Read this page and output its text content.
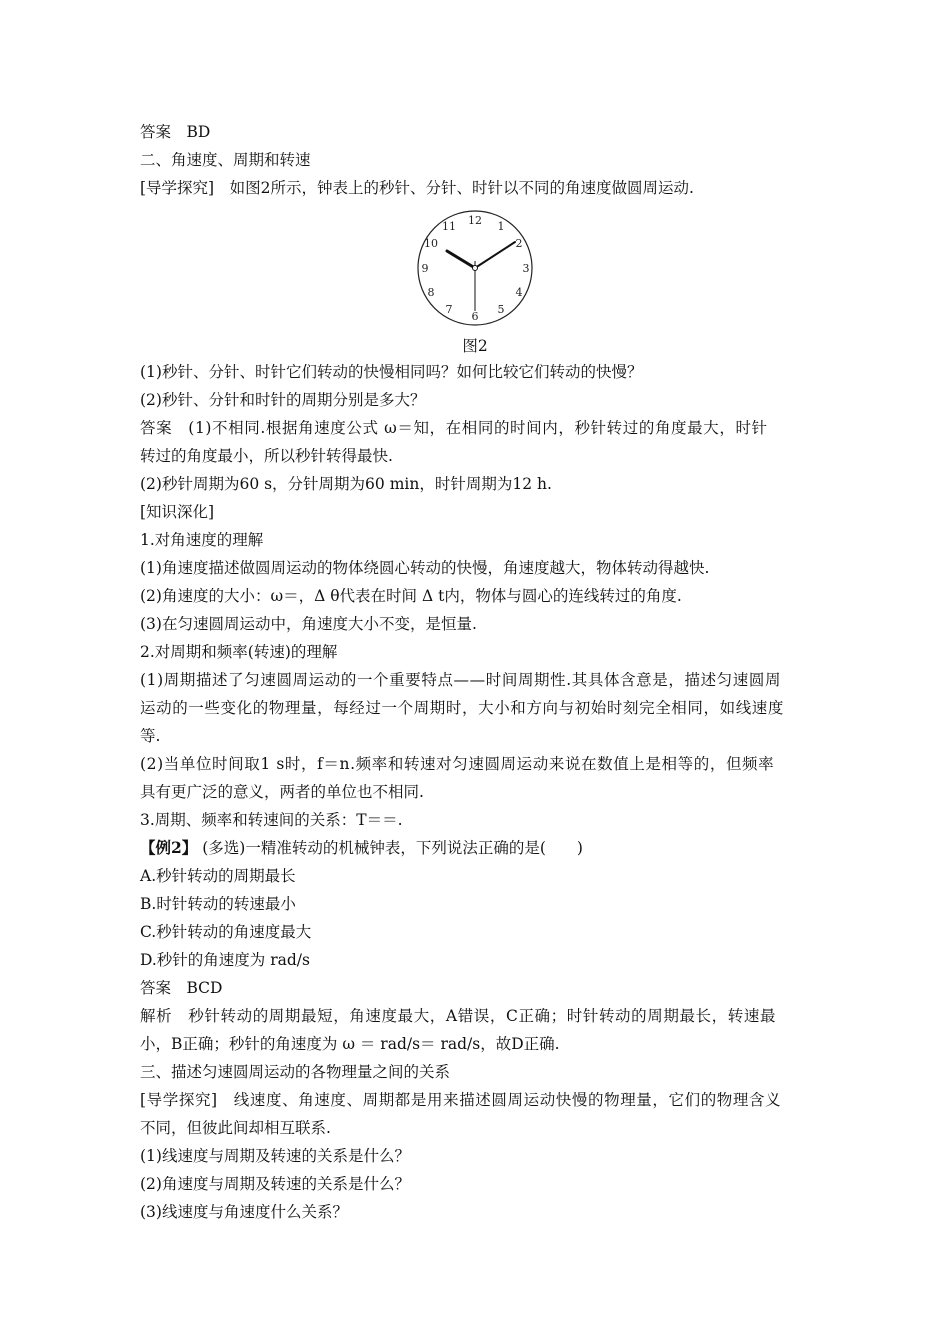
答案　BD
二、角速度、周期和转速
[导学探究]　如图2所示，钟表上的秒针、分针、时针以不同的角速度做圆周运动.
12 1
2
3
4
5
6
7
8
9
10
11
图2
(1)秒针、分针、时针它们转动的快慢相同吗？如何比较它们转动的快慢？
(2)秒针、分针和时针的周期分别是多大？
答案　(1)不相同.根据角速度公式 ω＝知，在相同的时间内，秒针转过的角度最大，时针
转过的角度最小，所以秒针转得最快.
(2)秒针周期为60 s，分针周期为60 min，时针周期为12 h.
[知识深化]
1.对角速度的理解
(1)角速度描述做圆周运动的物体绕圆心转动的快慢，角速度越大，物体转动得越快.
(2)角速度的大小：ω＝，Δ θ代表在时间 Δ t内，物体与圆心的连线转过的角度.
(3)在匀速圆周运动中，角速度大小不变，是恒量.
2.对周期和频率(转速)的理解
(1)周期描述了匀速圆周运动的一个重要特点——时间周期性.其具体含意是，描述匀速圆周
运动的一些变化的物理量，每经过一个周期时，大小和方向与初始时刻完全相同，如线速度
等.
(2)当单位时间取1 s时，f＝n.频率和转速对匀速圆周运动来说在数值上是相等的，但频率
具有更广泛的意义，两者的单位也不相同.
3.周期、频率和转速间的关系：T＝＝.
【例2】 (多选)一精准转动的机械钟表，下列说法正确的是(　　)
A.秒针转动的周期最长
B.时针转动的转速最小
C.秒针转动的角速度最大
D.秒针的角速度为 rad/s
答案　BCD
解析　秒针转动的周期最短，角速度最大，A错误，C正确；时针转动的周期最长，转速最
小，B正确；秒针的角速度为 ω ＝ rad/s＝ rad/s，故D正确.
三、描述匀速圆周运动的各物理量之间的关系
[导学探究]　线速度、角速度、周期都是用来描述圆周运动快慢的物理量，它们的物理含义
不同，但彼此间却相互联系.
(1)线速度与周期及转速的关系是什么？
(2)角速度与周期及转速的关系是什么？
(3)线速度与角速度什么关系？
